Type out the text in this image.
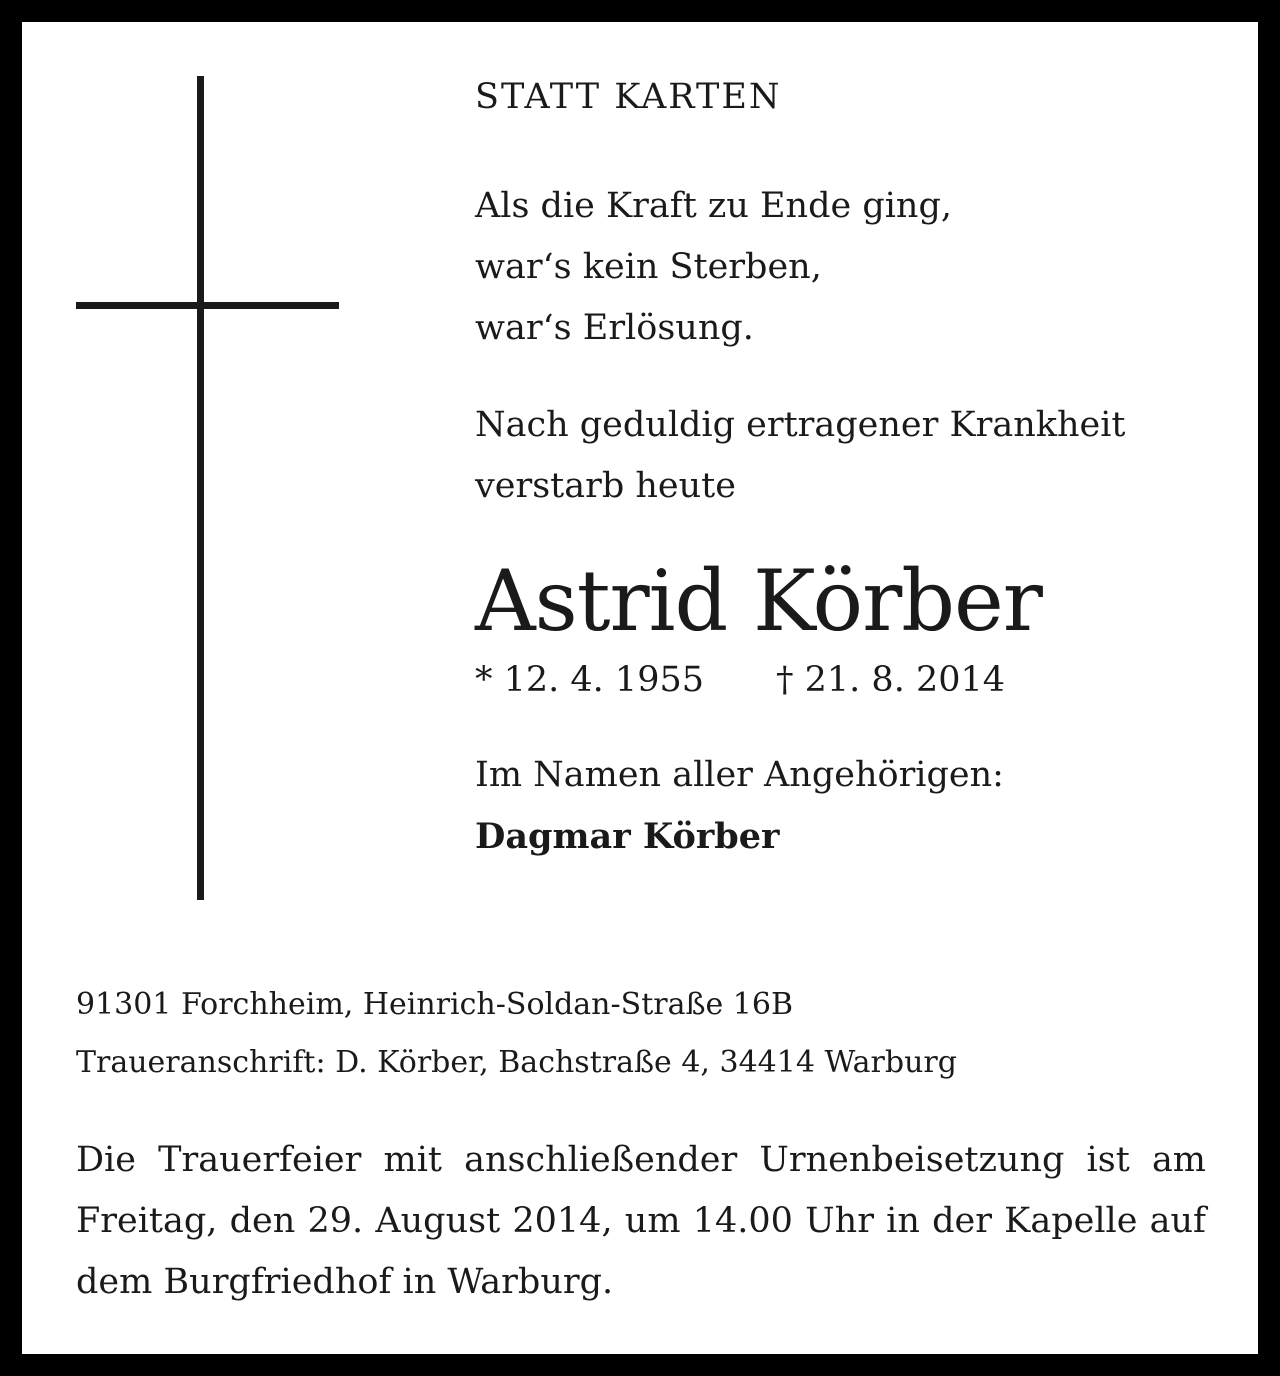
STATT KARTEN

Als die Kraft zu Ende ging,
war‘s kein Sterben,
war‘s Erlösung.
Nach geduldig ertragener Krankheit
verstarb heute
Astrid Körber
* 12. 4. 1955 † 21. 8. 2014
Im Namen aller Angehörigen:
Dagmar Körber
91301 Forchheim, Heinrich-Soldan-Straße 16B
Traueranschrift: D. Körber, Bachstraße 4, 34414 Warburg
Die Trauerfeier mit anschließender Urnenbeisetzung ist am Freitag, den 29. August 2014, um 14.00 Uhr in der Kapelle auf dem Burgfriedhof in Warburg.
